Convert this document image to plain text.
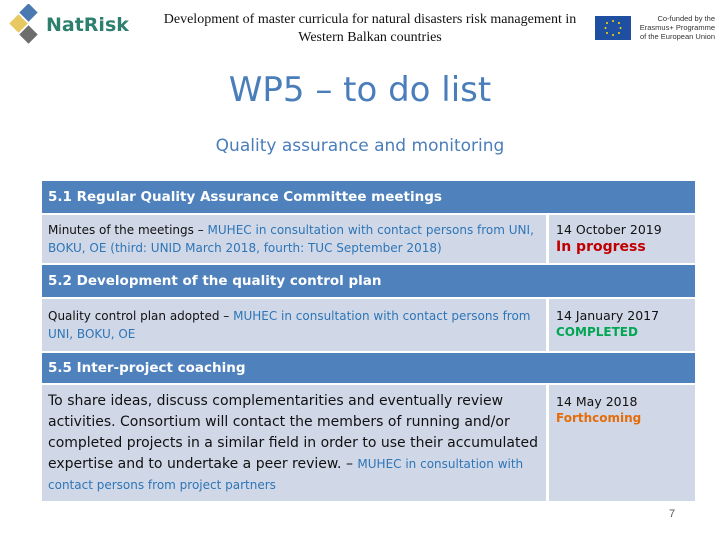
NatRisk	Development of master curricula for natural disasters risk management in
Western Balkan countries
Co-funded by the
Erasmus+ Programme
of the European Union
WP5 – to do list
Quality assurance and monitoring
5.1 Regular Quality Assurance Committee meetings
Minutes of the meetings – MUHEC in consultation with contact persons from UNI, BOKU, OE (third: UNID March 2018, fourth: TUC September 2018)
14 October 2019
In progress
5.2 Development of the quality control plan
Quality control plan adopted – MUHEC in consultation with contact persons from UNI, BOKU, OE
14 January 2017
COMPLETED
5.5 Inter-project coaching
To share ideas, discuss complementarities and eventually review activities. Consortium will contact the members of running and/or completed projects in a similar field in order to use their accumulated expertise and to undertake a peer review. – MUHEC in consultation with contact persons from project partners
14 May 2018
Forthcoming
7
